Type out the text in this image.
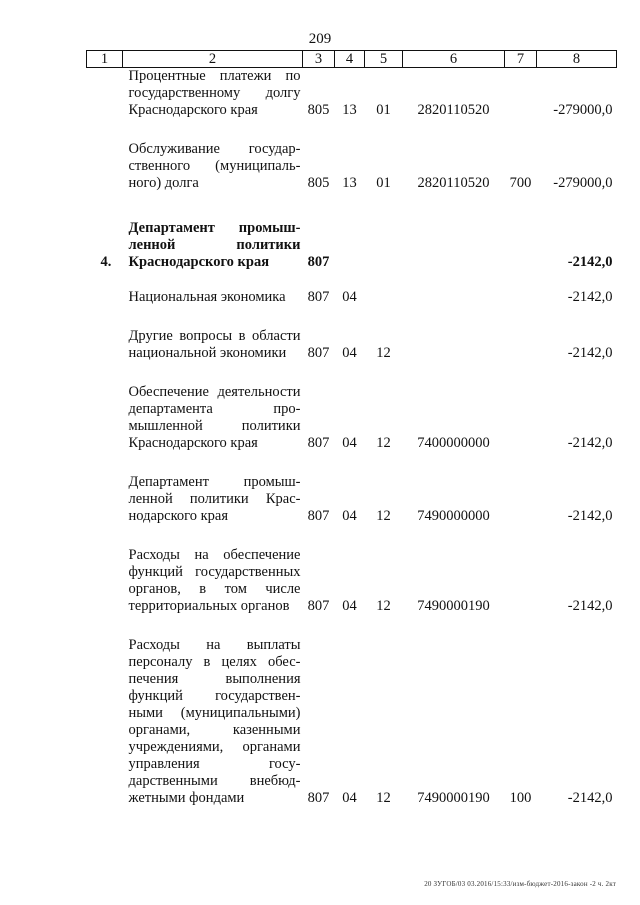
209
1	2	3	4	5	6	7	8
	Процентные платежи по государственному долгу Краснодарского края	805	13	01	2820110520		-279000,0
	Обслуживание государственного (муниципального) долга	805	13	01	2820110520	700	-279000,0
4.	Департамент промышленной политики Краснодарского края	807					-2142,0
	Национальная экономика	807	04				-2142,0
	Другие вопросы в области национальной экономики	807	04	12			-2142,0
	Обеспечение деятельности департамента промышленной политики Краснодарского края	807	04	12	7400000000		-2142,0
	Департамент промышленной политики Краснодарского края	807	04	12	7490000000		-2142,0
	Расходы на обеспечение функций государственных органов, в том числе территориальных органов	807	04	12	7490000190		-2142,0
	Расходы на выплаты персоналу в целях обеспечения выполнения функций государственными (муниципальными) органами, казенными учреждениями, органами управления государственными внебюджетными фондами	807	04	12	7490000190	100	-2142,0
20 ЗУГОБ/03 03.2016/15:33/изм-бюджет-2016-закон -2 ч. 2кт
